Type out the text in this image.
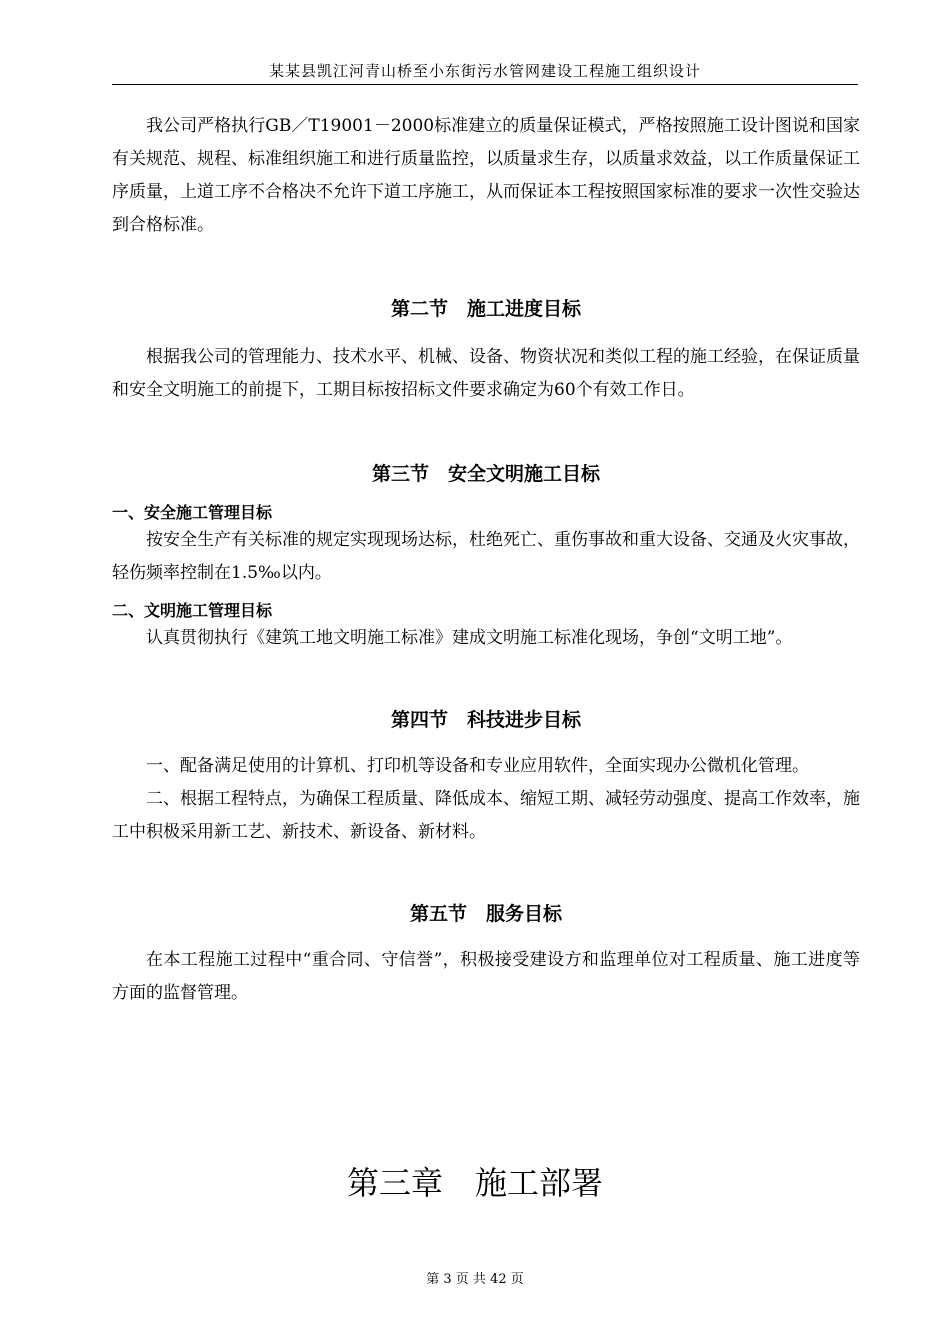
某某县凯江河青山桥至小东街污水管网建设工程施工组织设计

我公司严格执行GB／T19001－2000标准建立的质量保证模式，严格按照施工设计图说和国家有关规范、规程、标准组织施工和进行质量监控，以质量求生存，以质量求效益，以工作质量保证工序质量，上道工序不合格决不允许下道工序施工，从而保证本工程按照国家标准的要求一次性交验达到合格标准。

第二节　施工进度目标

根据我公司的管理能力、技术水平、机械、设备、物资状况和类似工程的施工经验，在保证质量和安全文明施工的前提下，工期目标按招标文件要求确定为60个有效工作日。

第三节　安全文明施工目标
一、安全施工管理目标

按安全生产有关标准的规定实现现场达标，杜绝死亡、重伤事故和重大设备、交通及火灾事故，轻伤频率控制在1.5‰以内。

二、文明施工管理目标

认真贯彻执行《建筑工地文明施工标准》建成文明施工标准化现场，争创“文明工地”。

第四节　科技进步目标

一、配备满足使用的计算机、打印机等设备和专业应用软件，全面实现办公微机化管理。

二、根据工程特点，为确保工程质量、降低成本、缩短工期、减轻劳动强度、提高工作效率，施工中积极采用新工艺、新技术、新设备、新材料。

第五节　服务目标

在本工程施工过程中“重合同、守信誉”，积极接受建设方和监理单位对工程质量、施工进度等方面的监督管理。

第三章　施工部署
第 3 页 共 42 页
